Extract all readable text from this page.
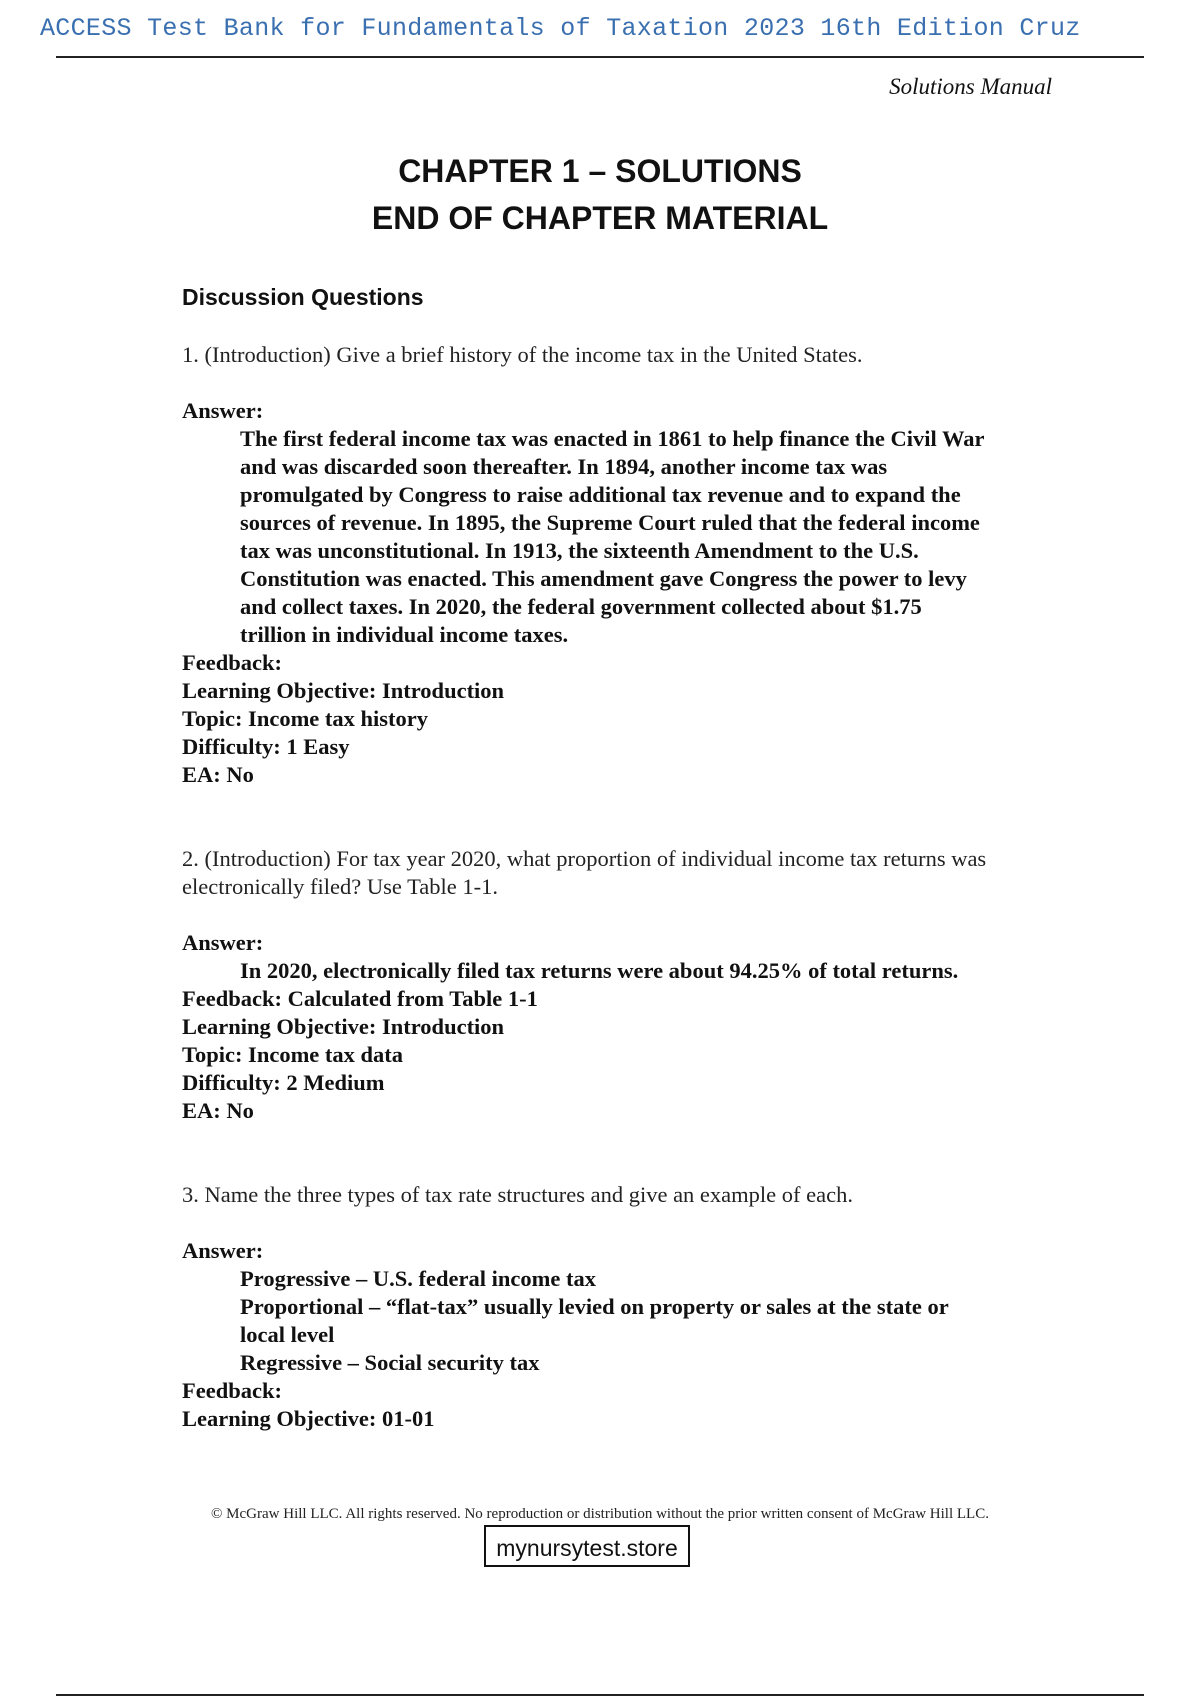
ACCESS Test Bank for Fundamentals of Taxation 2023 16th Edition Cruz
Solutions Manual
CHAPTER 1 – SOLUTIONS
END OF CHAPTER MATERIAL
Discussion Questions
1. (Introduction) Give a brief history of the income tax in the United States.
Answer:
The first federal income tax was enacted in 1861 to help finance the Civil War
and was discarded soon thereafter. In 1894, another income tax was
promulgated by Congress to raise additional tax revenue and to expand the
sources of revenue. In 1895, the Supreme Court ruled that the federal income
tax was unconstitutional. In 1913, the sixteenth Amendment to the U.S.
Constitution was enacted. This amendment gave Congress the power to levy
and collect taxes. In 2020, the federal government collected about $1.75
trillion in individual income taxes.
Feedback:
Learning Objective: Introduction
Topic: Income tax history
Difficulty: 1 Easy
EA: No
2. (Introduction) For tax year 2020, what proportion of individual income tax returns was
electronically filed? Use Table 1-1.
Answer:
In 2020, electronically filed tax returns were about 94.25% of total returns.
Feedback: Calculated from Table 1-1
Learning Objective: Introduction
Topic: Income tax data
Difficulty: 2 Medium
EA: No
3. Name the three types of tax rate structures and give an example of each.
Answer:
Progressive – U.S. federal income tax
Proportional – “flat-tax” usually levied on property or sales at the state or
local level
Regressive – Social security tax
Feedback:
Learning Objective: 01-01
© McGraw Hill LLC. All rights reserved. No reproduction or distribution without the prior written consent of McGraw Hill LLC.
mynursytest.store
